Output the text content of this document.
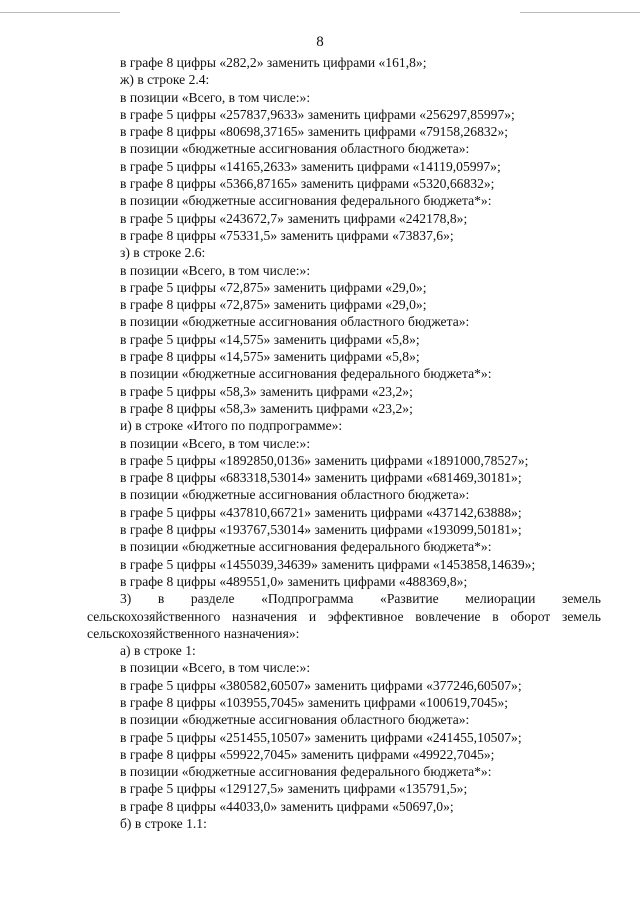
8
в графе 8 цифры «282,2» заменить цифрами «161,8»;
ж) в строке 2.4:
в позиции «Всего, в том числе:»:
в графе 5 цифры «257837,9633» заменить цифрами «256297,85997»;
в графе 8 цифры «80698,37165» заменить цифрами «79158,26832»;
в позиции «бюджетные ассигнования областного бюджета»:
в графе 5 цифры «14165,2633» заменить цифрами «14119,05997»;
в графе 8 цифры «5366,87165» заменить цифрами «5320,66832»;
в позиции «бюджетные ассигнования федерального бюджета*»:
в графе 5 цифры «243672,7» заменить цифрами «242178,8»;
в графе 8 цифры «75331,5» заменить цифрами «73837,6»;
з) в строке 2.6:
в позиции «Всего, в том числе:»:
в графе 5 цифры «72,875» заменить цифрами «29,0»;
в графе 8 цифры «72,875» заменить цифрами «29,0»;
в позиции «бюджетные ассигнования областного бюджета»:
в графе 5 цифры «14,575» заменить цифрами «5,8»;
в графе 8 цифры «14,575» заменить цифрами «5,8»;
в позиции «бюджетные ассигнования федерального бюджета*»:
в графе 5 цифры «58,3» заменить цифрами «23,2»;
в графе 8 цифры «58,3» заменить цифрами «23,2»;
и) в строке «Итого по подпрограмме»:
в позиции «Всего, в том числе:»:
в графе 5 цифры «1892850,0136» заменить цифрами «1891000,78527»;
в графе 8 цифры «683318,53014» заменить цифрами «681469,30181»;
в позиции «бюджетные ассигнования областного бюджета»:
в графе 5 цифры «437810,66721» заменить цифрами «437142,63888»;
в графе 8 цифры «193767,53014» заменить цифрами «193099,50181»;
в позиции «бюджетные ассигнования федерального бюджета*»:
в графе 5 цифры «1455039,34639» заменить цифрами «1453858,14639»;
в графе 8 цифры «489551,0» заменить цифрами «488369,8»;
3) в разделе «Подпрограмма «Развитие мелиорации земель
сельскохозяйственного назначения и эффективное вовлечение в оборот земель
сельскохозяйственного назначения»:
а) в строке 1:
в позиции «Всего, в том числе:»:
в графе 5 цифры «380582,60507» заменить цифрами «377246,60507»;
в графе 8 цифры «103955,7045» заменить цифрами «100619,7045»;
в позиции «бюджетные ассигнования областного бюджета»:
в графе 5 цифры «251455,10507» заменить цифрами «241455,10507»;
в графе 8 цифры «59922,7045» заменить цифрами «49922,7045»;
в позиции «бюджетные ассигнования федерального бюджета*»:
в графе 5 цифры «129127,5» заменить цифрами «135791,5»;
в графе 8 цифры «44033,0» заменить цифрами «50697,0»;
б) в строке 1.1:
